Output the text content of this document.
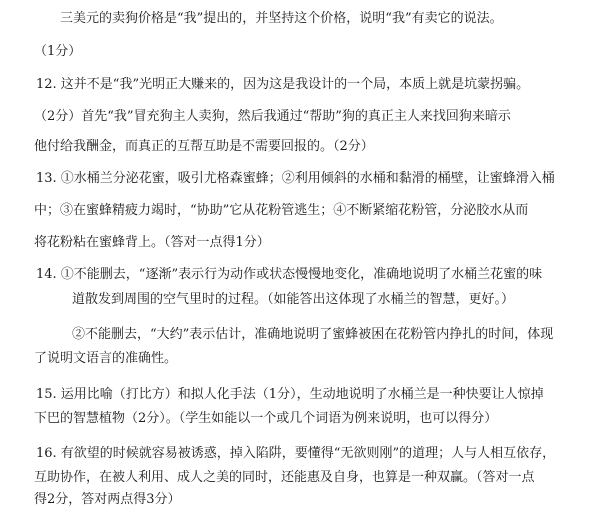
三美元的卖狗价格是“我”提出的，并坚持这个价格，说明“我”有卖它的说法。
（1分）
12. 这并不是“我”光明正大赚来的，因为这是我设计的一个局，本质上就是坑蒙拐骗。
（2分）首先“我”冒充狗主人卖狗，然后我通过“帮助”狗的真正主人来找回狗来暗示
他付给我酬金，而真正的互帮互助是不需要回报的。（2分）
13. ①水桶兰分泌花蜜，吸引尤格森蜜蜂；②利用倾斜的水桶和黏滑的桶壁，让蜜蜂滑入桶
中；③在蜜蜂精疲力竭时，“协助”它从花粉管逃生；④不断紧缩花粉管，分泌胶水从而
将花粉粘在蜜蜂背上。（答对一点得1分）
14. ①不能删去，“逐渐”表示行为动作或状态慢慢地变化，准确地说明了水桶兰花蜜的味
道散发到周围的空气里时的过程。（如能答出这体现了水桶兰的智慧，更好。）
②不能删去，“大约”表示估计，准确地说明了蜜蜂被困在花粉管内挣扎的时间，体现
了说明文语言的准确性。
15. 运用比喻（打比方）和拟人化手法（1分），生动地说明了水桶兰是一种快要让人惊掉
下巴的智慧植物（2分）。（学生如能以一个或几个词语为例来说明，也可以得分）
16. 有欲望的时候就容易被诱惑，掉入陷阱，要懂得“无欲则刚”的道理；人与人相互依存，
互助协作，在被人利用、成人之美的同时，还能惠及自身，也算是一种双赢。（答对一点
得2分，答对两点得3分）
